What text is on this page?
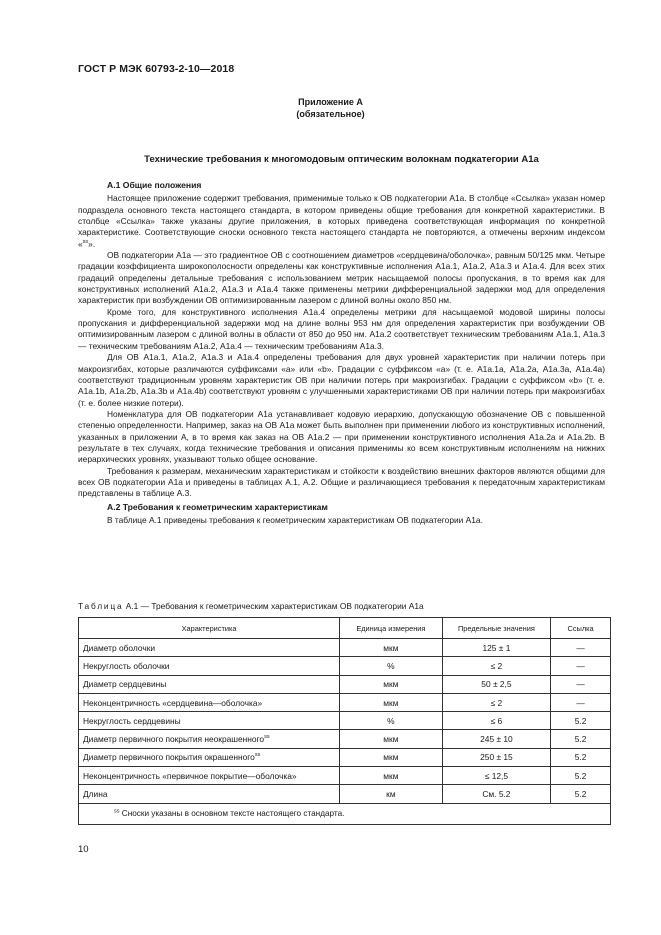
ГОСТ Р МЭК 60793-2-10—2018
Приложение А
(обязательное)
Технические требования к многомодовым оптическим волокнам подкатегории А1а
А.1 Общие положения

Настоящее приложение содержит требования, применимые только к ОВ подкатегории А1а. В столбце «Ссылка» указан номер подраздела основного текста настоящего стандарта, в котором приведены общие требования для конкретной характеристики. В столбце «Ссылка» также указаны другие приложения, в которых приведена соответствующая информация по конкретной характеристике. Соответствующие сноски основного текста настоящего стандарта не повторяются, а отмечены верхним индексом «$^{ss}$».

ОВ подкатегории А1а — это градиентное ОВ с соотношением диаметров «сердцевина/оболочка», равным 50/125 мкм. Четыре градации коэффициента широкополосности определены как конструктивные исполнения А1а.1, А1а.2, А1а.3 и А1а.4. Для всех этих градаций определены детальные требования с использованием метрик насыщаемой полосы пропускания, в то время как для конструктивных исполнений А1а.2, А1а.3 и А1а.4 также применены метрики дифференциальной задержки мод для определения характеристик при возбуждении ОВ оптимизированным лазером с длиной волны около 850 нм.

Кроме того, для конструктивного исполнения А1а.4 определены метрики для насыщаемой модовой ширины полосы пропускания и дифференциальной задержки мод на длине волны 953 нм для определения характеристик при возбуждении ОВ оптимизированным лазером с длиной волны в области от 850 до 950 нм. А1а.2 соответствует техническим требованиям А1а.1, А1а.3 — техническим требованиям А1а.2, А1а.4 — техническим требованиям А1а.3.

Для ОВ А1а.1, А1а.2, А1а.3 и А1а.4 определены требования для двух уровней характеристик при наличии потерь при макроизгибах, которые различаются суффиксами «а» или «b». Градации с суффиксом «а» (т. е. А1а.1а, А1а.2а, А1а.3а, А1а.4а) соответствуют традиционным уровням характеристик ОВ при наличии потерь при макроизгибах. Градации с суффиксом «b» (т. е. А1а.1b, А1а.2b, А1а.3b и А1а.4b) соответствуют уровням с улучшенными характеристиками ОВ при наличии потерь при макроизгибах (т. е. более низкие потери).

Номенклатура для ОВ подкатегории А1а устанавливает кодовую иерархию, допускающую обозначение ОВ с повышенной степенью определенности. Например, заказ на ОВ А1а может быть выполнен при применении любого из конструктивных исполнений, указанных в приложении А, в то время как заказ на ОВ А1а.2 — при применении конструктивного исполнения А1а.2а и А1а.2b. В результате в тех случаях, когда технические требования и описания применимы ко всем конструктивным исполнениям на нижних иерархических уровнях, указывают только общее основание.

Требования к размерам, механическим характеристикам и стойкости к воздействию внешних факторов являются общими для всех ОВ подкатегории А1а и приведены в таблицах А.1, А.2. Общие и различающиеся требования к передаточным характеристикам представлены в таблице А.3.

А.2 Требования к геометрическим характеристикам

В таблице А.1 приведены требования к геометрическим характеристикам ОВ подкатегории А1а.

Таблица А.1 — Требования к геометрическим характеристикам ОВ подкатегории А1а
Характеристика	Единица измерения	Предельные значения	Ссылка
Диаметр оболочки	мкм	125 ± 1	—
Некруглость оболочки	%	≤ 2	—
Диаметр сердцевины	мкм	50 ± 2,5	—
Неконцентричность «сердцевина—оболочка»	мкм	≤ 2	—
Некруглость сердцевины	%	≤ 6	5.2
Диаметр первичного покрытия неокрашенного$^{ss}$	мкм	245 ± 10	5.2
Диаметр первичного покрытия окрашенного$^{ss}$	мкм	250 ± 15	5.2
Неконцентричность «первичное покрытие—оболочка»	мкм	≤ 12,5	5.2
Длина	км	См. 5.2	5.2
$^{ss}$ Сноски указаны в основном тексте настоящего стандарта.			
10
